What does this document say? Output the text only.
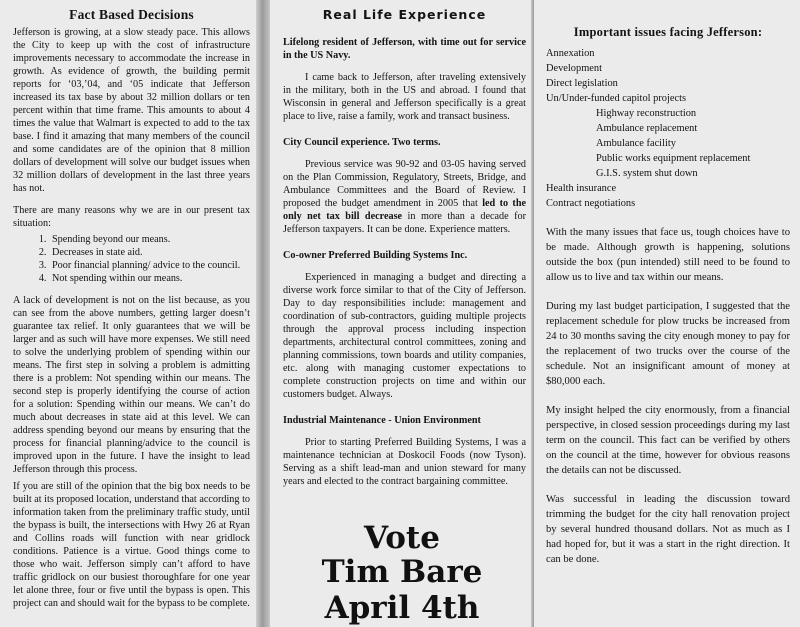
Fact Based Decisions

Jefferson is growing, at a slow steady pace. This allows the City to keep up with the cost of infrastructure improvements necessary to accommodate the increase in growth. As evidence of growth, the building permit reports for ‘03,’04, and ‘05 indicate that Jefferson increased its tax base by about 32 million dollars or ten percent within that time frame. This amounts to about 4 times the value that Walmart is expected to add to the tax base. I find it amazing that many members of the council and some candidates are of the opinion that 8 million dollars of development will solve our budget issues when 32 million dollars of development in the last three years has not.

There are many reasons why we are in our present tax situation:

1. Spending beyond our means.
2. Decreases in state aid.
3. Poor financial planning/ advice to the council.
4. Not spending within our means.

A lack of development is not on the list because, as you can see from the above numbers, getting larger doesn’t guarantee tax relief. It only guarantees that we will be larger and as such will have more expenses. We still need to solve the underlying problem of spending within our means. The first step in solving a problem is admitting there is a problem: Not spending within our means. The second step is properly identifying the course of action for a solution: Spending within our means. We can’t do much about decreases in state aid at this level. We can address spending beyond our means by ensuring that the process for financial planning/advice to the council is improved upon in the future. I have the insight to lead Jefferson through this process.

If you are still of the opinion that the big box needs to be built at its proposed location, understand that according to information taken from the preliminary traffic study, until the bypass is built, the intersections with Hwy 26 at Ryan and Collins roads will function with near gridlock conditions. Patience is a virtue. Good things come to those who wait. Jefferson simply can’t afford to have traffic gridlock on our busiest thoroughfare for one year let alone three, four or five until the bypass is open. This project can and should wait for the bypass to be complete.

Real Life Experience

Lifelong resident of Jefferson, with time out for service in the US Navy.

I came back to Jefferson, after traveling extensively in the military, both in the US and abroad. I found that Wisconsin in general and Jefferson specifically is a great place to live, raise a family, work and transact business.

City Council experience. Two terms.

Previous service was 90-92 and 03-05 having served on the Plan Commission, Regulatory, Streets, Bridge, and Ambulance Committees and the Board of Review. I proposed the budget amendment in 2005 that led to the only net tax bill decrease in more than a decade for Jefferson taxpayers. It can be done. Experience matters.

Co-owner Preferred Building Systems Inc.

Experienced in managing a budget and directing a diverse work force similar to that of the City of Jefferson. Day to day responsibilities include: management and coordination of sub-contractors, guiding multiple projects through the approval process including inspection departments, architectural control committees, zoning and planning commissions, town boards and utility companies, etc. along with managing customer expectations to complete construction projects on time and within our customers budget. Always.

Industrial Maintenance - Union Environment

Prior to starting Preferred Building Systems, I was a maintenance technician at Doskocil Foods (now Tyson). Serving as a shift lead-man and union steward for many years and elected to the contract bargaining committee.

Vote
Tim Bare
April 4th
Important issues facing Jefferson:
Annexation
Development
Direct legislation
Un/Under-funded capitol projects
Highway reconstruction
Ambulance replacement
Ambulance facility
Public works equipment replacement
G.I.S. system shut down
Health insurance
Contract negotiations

With the many issues that face us, tough choices have to be made. Although growth is happening, solutions outside the box (pun intended) still need to be found to allow us to live and tax within our means.

During my last budget participation, I suggested that the replacement schedule for plow trucks be increased from 24 to 30 months saving the city enough money to pay for the replacement of two trucks over the course of the schedule. Not an insignificant amount of money at $80,000 each.

My insight helped the city enormously, from a financial perspective, in closed session proceedings during my last term on the council. This fact can be verified by others on the council at the time, however for obvious reasons the details can not be discussed.

Was successful in leading the discussion toward trimming the budget for the city hall renovation project by several hundred thousand dollars. Not as much as I had hoped for, but it was a start in the right direction. It can be done.
